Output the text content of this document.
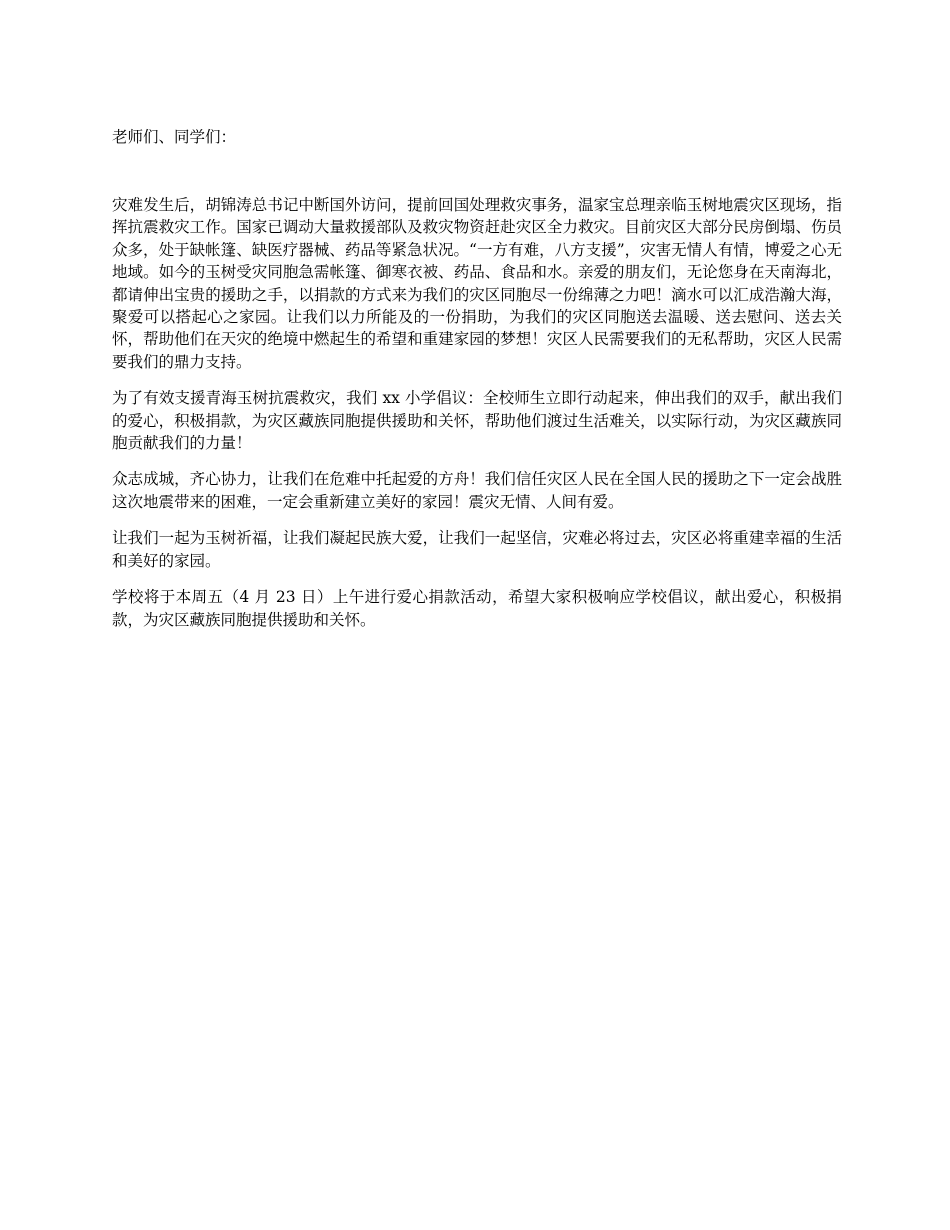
老师们、同学们：

灾难发生后，胡锦涛总书记中断国外访问，提前回国处理救灾事务，温家宝总理亲临玉树地震灾区现场，指挥抗震救灾工作。国家已调动大量救援部队及救灾物资赶赴灾区全力救灾。目前灾区大部分民房倒塌、伤员众多，处于缺帐篷、缺医疗器械、药品等紧急状况。“一方有难，八方支援”，灾害无情人有情，博爱之心无地域。如今的玉树受灾同胞急需帐篷、御寒衣被、药品、食品和水。亲爱的朋友们，无论您身在天南海北，都请伸出宝贵的援助之手，以捐款的方式来为我们的灾区同胞尽一份绵薄之力吧！滴水可以汇成浩瀚大海，聚爱可以搭起心之家园。让我们以力所能及的一份捐助，为我们的灾区同胞送去温暖、送去慰问、送去关怀，帮助他们在天灾的绝境中燃起生的希望和重建家园的梦想！灾区人民需要我们的无私帮助，灾区人民需要我们的鼎力支持。

为了有效支援青海玉树抗震救灾，我们 xx 小学倡议：全校师生立即行动起来，伸出我们的双手，献出我们的爱心，积极捐款，为灾区藏族同胞提供援助和关怀，帮助他们渡过生活难关，以实际行动，为灾区藏族同胞贡献我们的力量！

众志成城，齐心协力，让我们在危难中托起爱的方舟！我们信任灾区人民在全国人民的援助之下一定会战胜这次地震带来的困难，一定会重新建立美好的家园！震灾无情、人间有爱。

让我们一起为玉树祈福，让我们凝起民族大爱，让我们一起坚信，灾难必将过去，灾区必将重建幸福的生活和美好的家园。

学校将于本周五（4 月 23 日）上午进行爱心捐款活动，希望大家积极响应学校倡议，献出爱心，积极捐款，为灾区藏族同胞提供援助和关怀。
